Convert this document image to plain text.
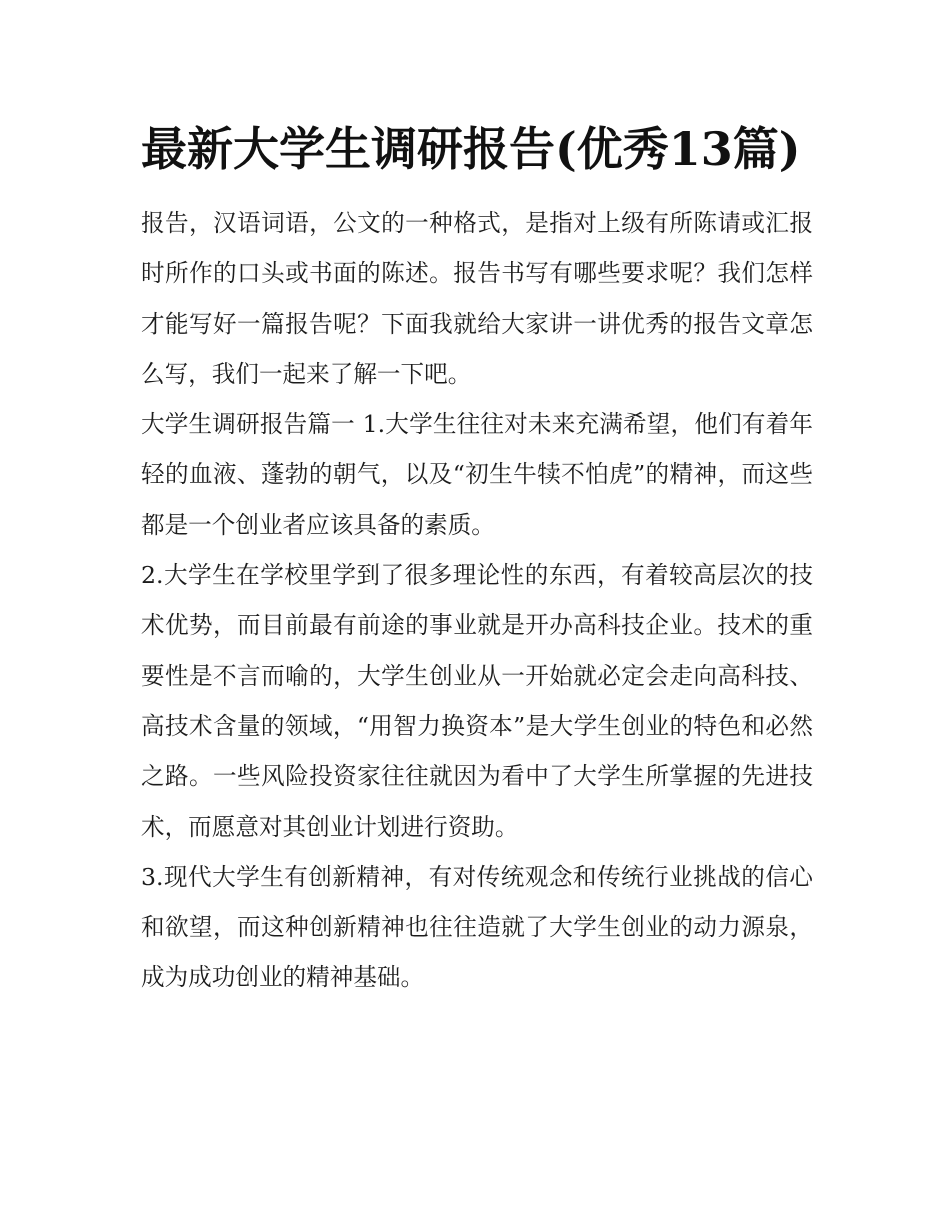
最新大学生调研报告(优秀13篇)

报告，汉语词语，公文的一种格式，是指对上级有所陈请或汇报时所作的口头或书面的陈述。报告书写有哪些要求呢？我们怎样才能写好一篇报告呢？下面我就给大家讲一讲优秀的报告文章怎么写，我们一起来了解一下吧。

大学生调研报告篇一 1.大学生往往对未来充满希望，他们有着年轻的血液、蓬勃的朝气，以及“初生牛犊不怕虎”的精神，而这些都是一个创业者应该具备的素质。

2.大学生在学校里学到了很多理论性的东西，有着较高层次的技术优势，而目前最有前途的事业就是开办高科技企业。技术的重要性是不言而喻的，大学生创业从一开始就必定会走向高科技、高技术含量的领域，“用智力换资本”是大学生创业的特色和必然之路。一些风险投资家往往就因为看中了大学生所掌握的先进技术，而愿意对其创业计划进行资助。

3.现代大学生有创新精神，有对传统观念和传统行业挑战的信心和欲望，而这种创新精神也往往造就了大学生创业的动力源泉，成为成功创业的精神基础。
